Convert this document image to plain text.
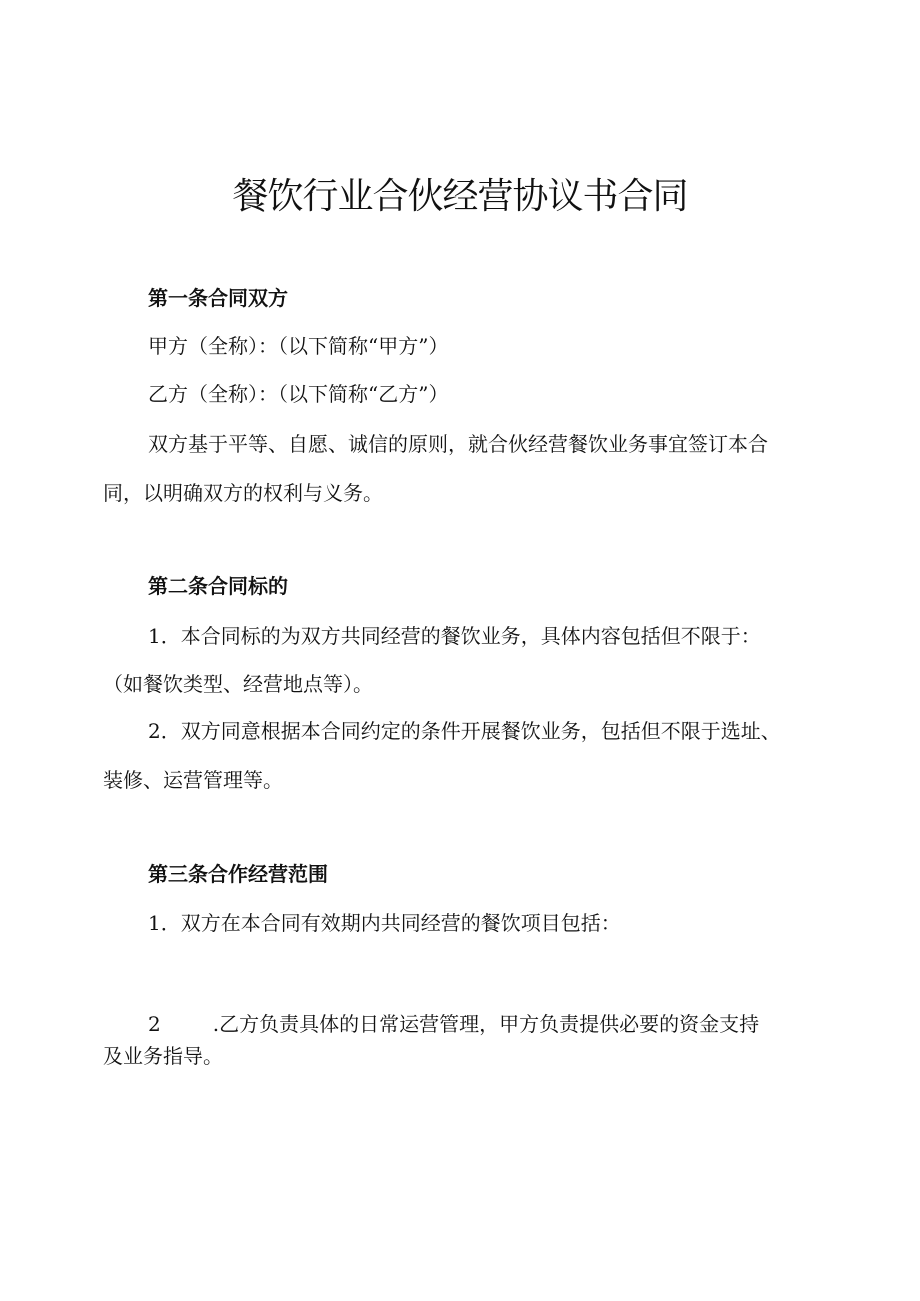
餐饮行业合伙经营协议书合同
第一条合同双方

甲方（全称）：（以下简称“甲方”）

乙方（全称）：（以下简称“乙方”）

双方基于平等、自愿、诚信的原则，就合伙经营餐饮业务事宜签订本合

同，以明确双方的权利与义务。

第二条合同标的

1．本合同标的为双方共同经营的餐饮业务，具体内容包括但不限于：

（如餐饮类型、经营地点等）。

2．双方同意根据本合同约定的条件开展餐饮业务，包括但不限于选址、

装修、运营管理等。

第三条合作经营范围

1．双方在本合同有效期内共同经营的餐饮项目包括：

2	.乙方负责具体的日常运营管理，甲方负责提供必要的资金支持

及业务指导。
